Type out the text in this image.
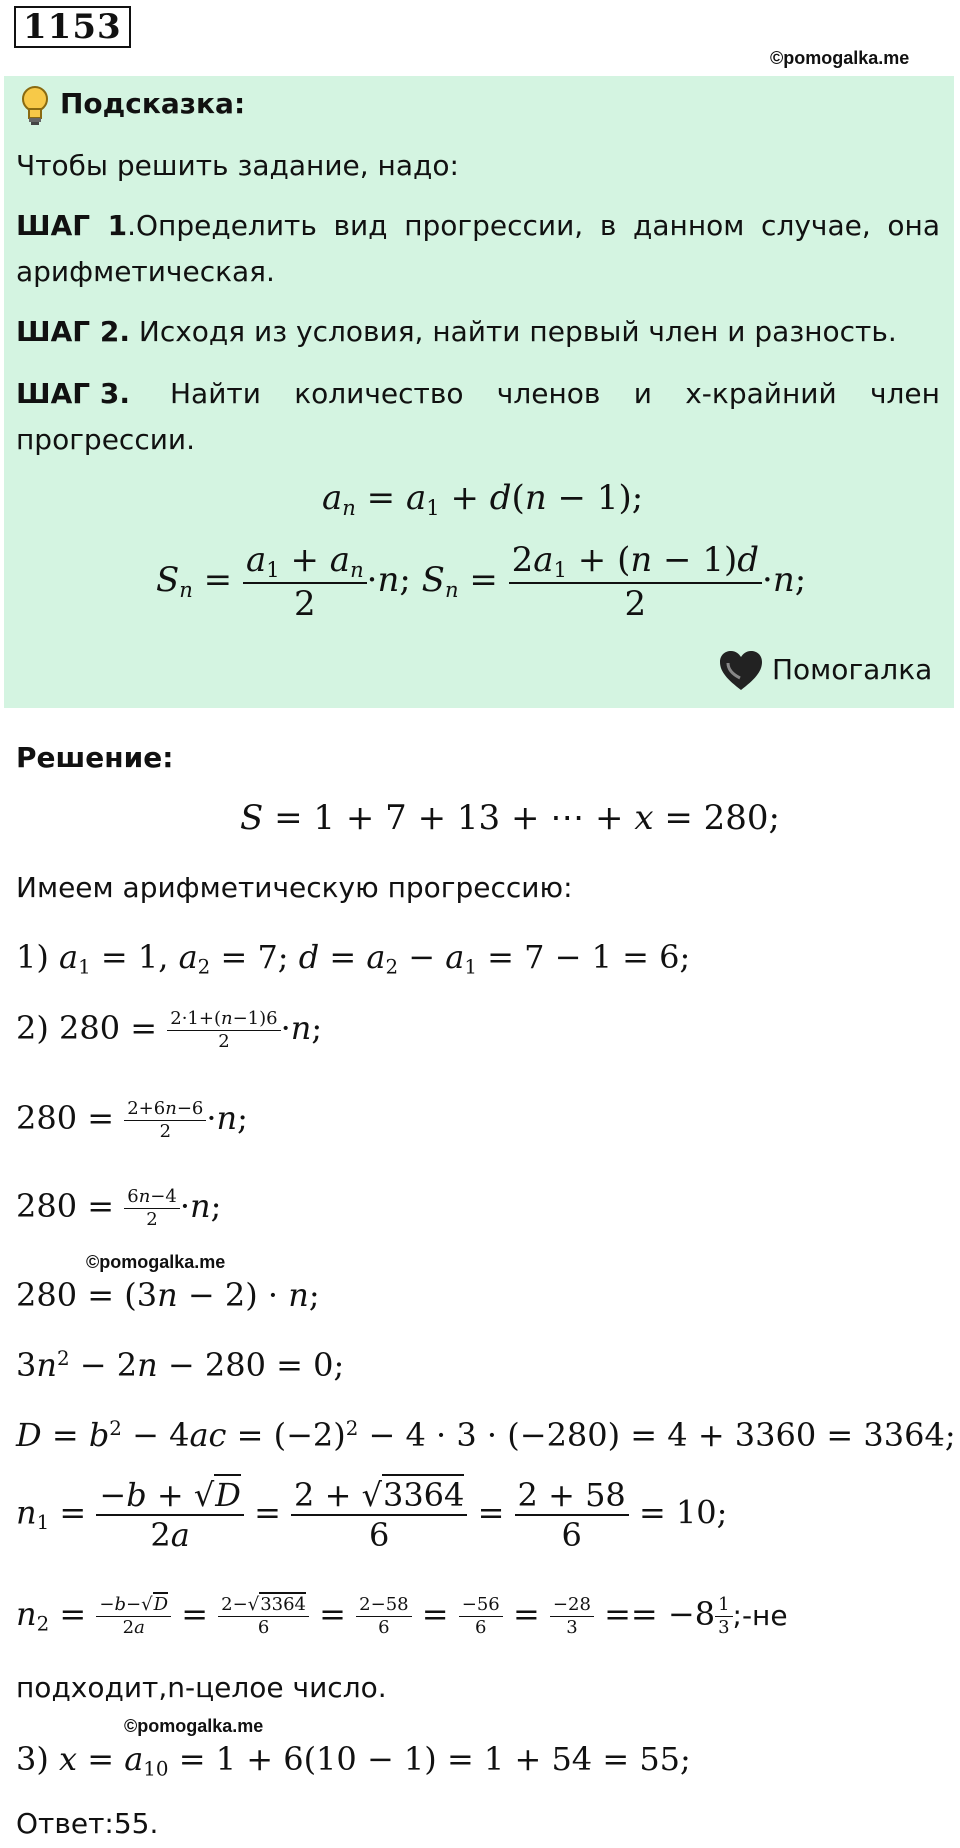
1153
©pomogalka.me
Подсказка:
Чтобы решить задание, надо:
ШАГ 1.Определить вид прогрессии, в данном случае, она
арифметическая.
ШАГ 2. Исходя из условия, найти первый член и разность.
ШАГ 3. Найти количество членов и x-крайний член
прогрессии.
$a_n = a_1 + d(n - 1)$;
$S_n = \frac{a_1 + a_n}{2} \cdot n$; $S_n = \frac{2a_1 + (n - 1)d}{2} \cdot n$;
Помогалка
Решение:
S = 1 + 7 + 13 + ⋯ + x = 280;
Имеем арифметическую прогрессию:
1) $a_1 = 1$, $a_2 = 7$; $d = a_2 - a_1 = 7 - 1 = 6$;
2) $280 = \frac{2\cdot 1+(n-1)6}{2} \cdot n$;
$280 = \frac{2+6n-6}{2} \cdot n$;
$280 = \frac{6n-4}{2} \cdot n$;
©pomogalka.me
280 = (3n − 2) · n;
$3n^2 - 2n - 280 = 0$;
$D = b^2 - 4ac = (-2)^2 - 4 \cdot 3 \cdot (-280) = 4 + 3360 = 3364$;
$n_1 = \frac{-b + √D}{2a} = \frac{2 + √3364}{6} = \frac{2 + 58}{6} = 10$;
$n_2 = \frac{-b-√D}{2a} = \frac{2-√3364}{6} = \frac{2-58}{6} = \frac{-56}{6} = \frac{-28}{3} == -8 \frac{1}{3}$ ;-не
подходит,n-целое число.
©pomogalka.me
3) $x = a_{10} = 1 + 6(10 - 1) = 1 + 54 = 55$;
Ответ:55.
